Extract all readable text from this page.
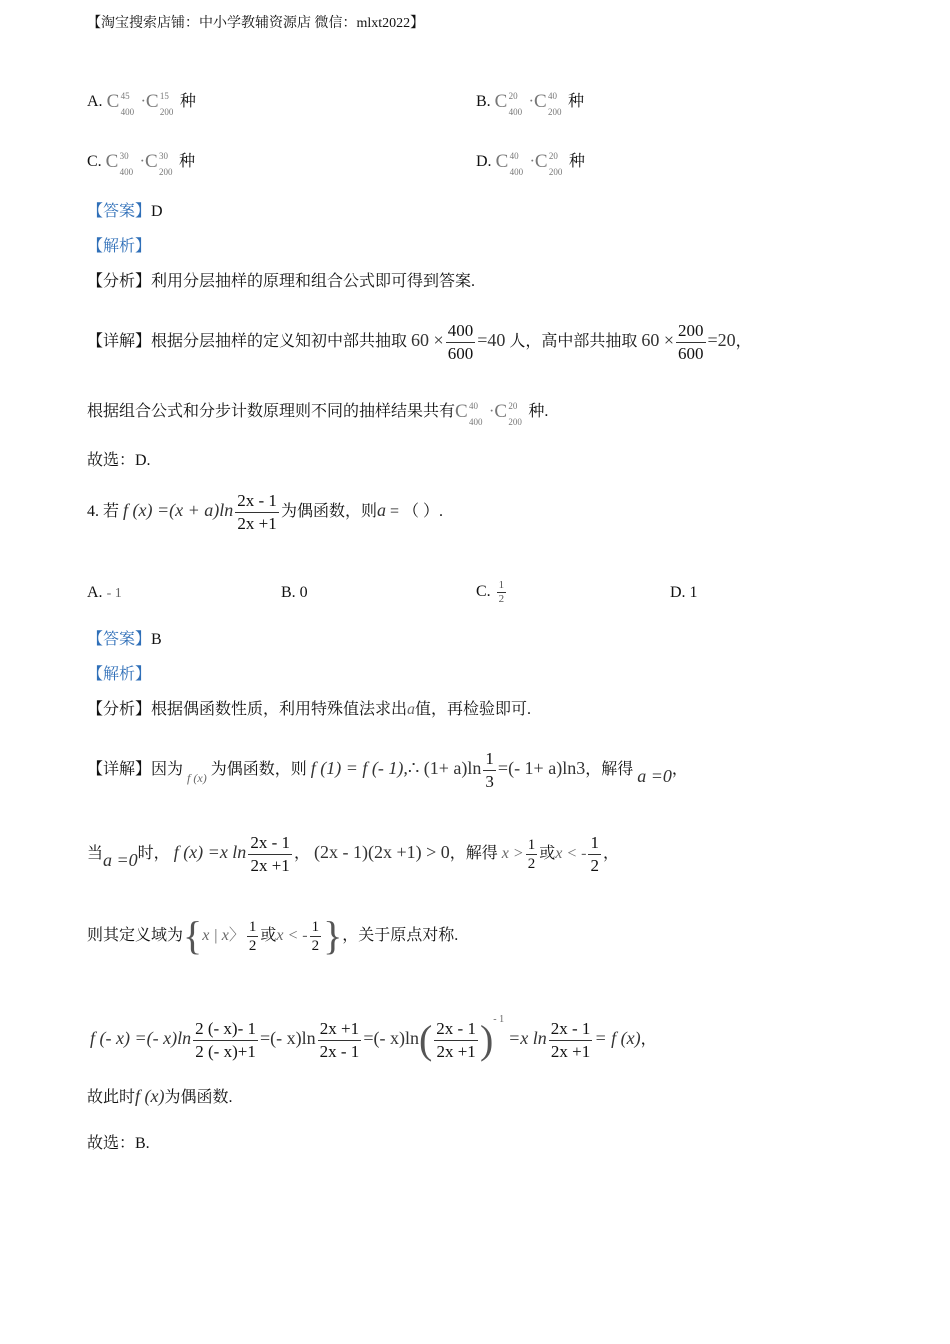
【淘宝搜索店铺：中小学教辅资源店 微信：mlxt2022】
A. C 45
400
· C 15
200
种	B. C 20
400
· C 40
200
种
C. C 30
400
· C 30
200
种	D. C 40
400
· C 20
200
种
【答案】D
【解析】
【分析】利用分层抽样的原理和组合公式即可得到答案.
【详解】根据分层抽样的定义知初中部共抽取 $60 \times \frac{400}{600} =40$ 人，高中部共抽取 $60 \times \frac{200}{600} =20$，
根据组合公式和分步计数原理则不同的抽样结果共有 C 40
400
· C 20
200
种.
故选：D.
4. 若 f $(x) =(x + a)\ln \frac{2x - 1}{2x +1}$ 为偶函数，则a = （ ）.
A. - 1	B. 0	C. $\frac{1}{2}$	D. 1
【答案】B
【解析】
【分析】根据偶函数性质，利用特殊值法求出a值，再检验即可.
【详解】因为 $_{f (x)}$ 为偶函数，则 f (1) = f (- 1),∴ $(1+ a)\ln \frac{1}{3}$ =(- 1+ a)ln3，解得 a =0，
当a =0时， f (x) =x $\ln \frac{2x - 1}{2x +1}$ ， (2x - 1)(2x +1) > 0，解得 $x > \frac{1}{2}$ 或x < - $\frac{1}{2}$ ，
则其定义域为{x | x〉 $\frac{1}{2}$ 或x < - $\frac{1}{2}$ }，关于原点对称.
f (- x) =(- $x)\ln \frac{2 (- x)- 1}{2 (- x)+1}$ =(- $x)\ln \frac{2x +1}{2x - 1}$ =(- $x)\ln( \frac{2x - 1}{2x +1} )^{- 1} =x$ $\ln \frac{2x - 1}{2x +1} = f$ (x)，
故此时f (x)为偶函数.
故选：B.
